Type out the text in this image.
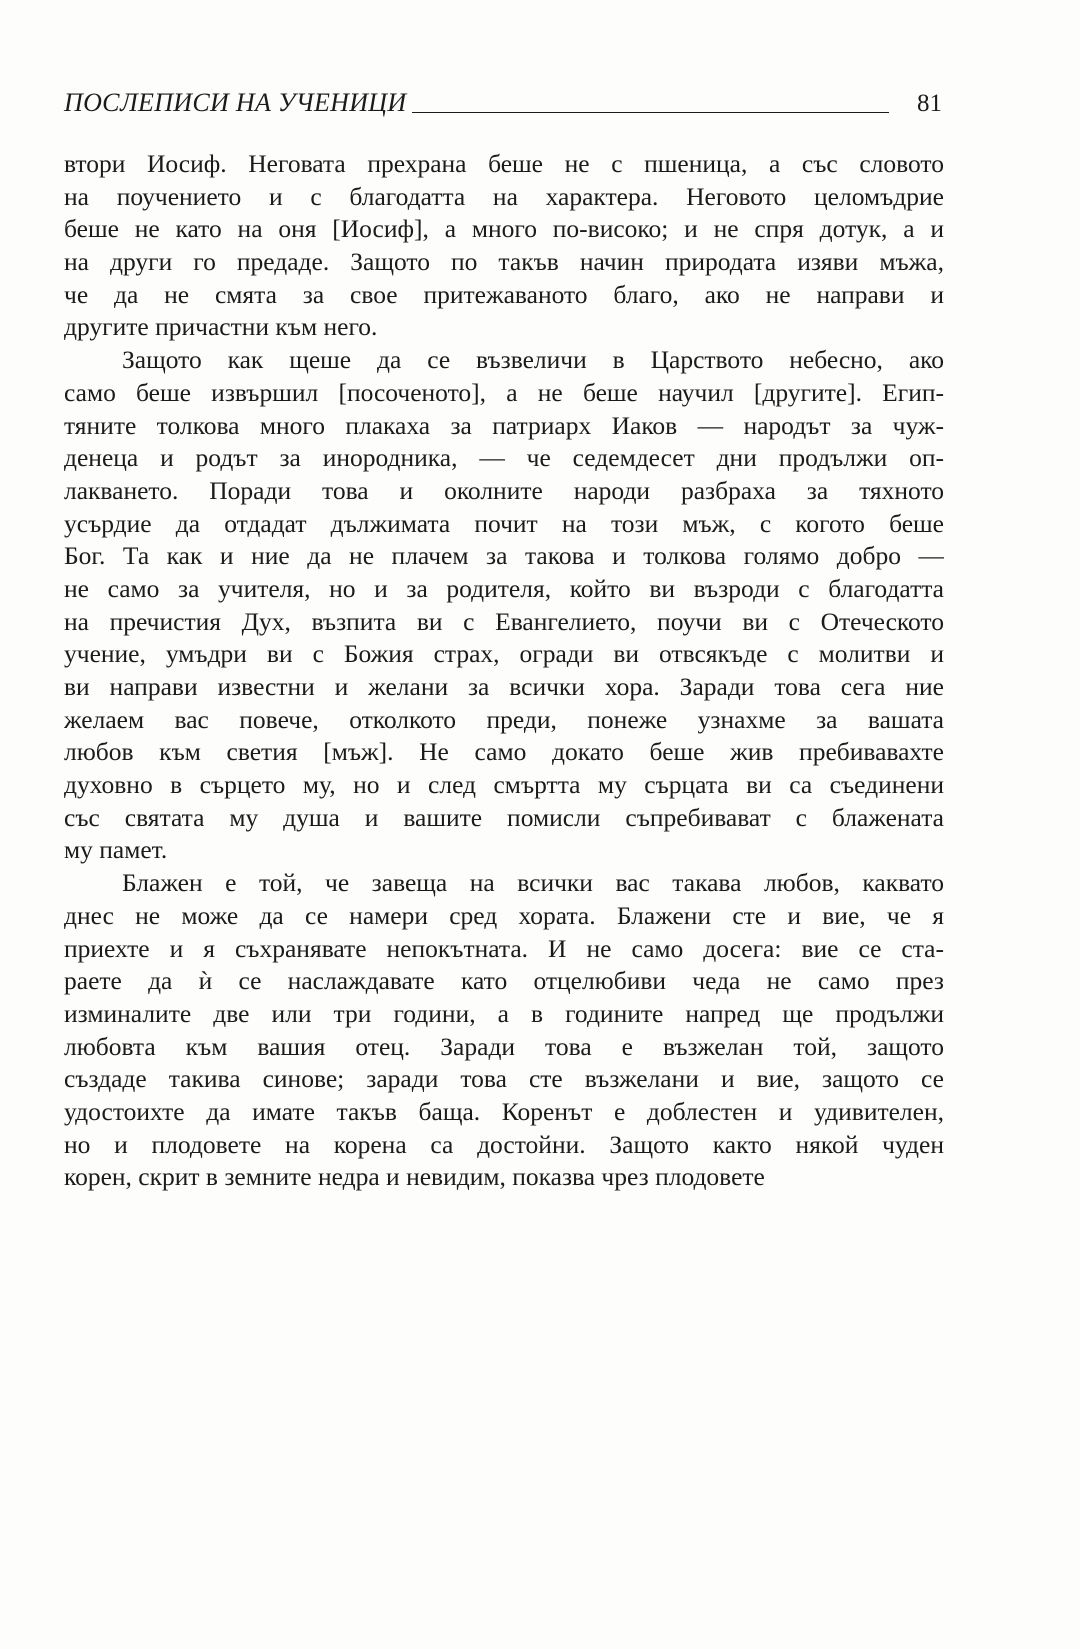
ПОСЛЕПИСИ НА УЧЕНИЦИ	81
втори Иосиф. Неговата прехрана беше не с пшеница, а със словото
на поучението и с благодатта на характера. Неговото целомъдрие
беше не като на оня [Иосиф], а много по-високо; и не спря дотук, а и
на други го предаде. Защото по такъв начин природата изяви мъжа,
че да не смята за свое притежаваното благо, ако не направи и
другите причастни към него.
Защото как щеше да се възвеличи в Царството небесно, ако
само беше извършил [посоченото], а не беше научил [другите]. Егип-
тяните толкова много плакаха за патриарх Иаков — народът за чуж-
денеца и родът за инородника, — че седемдесет дни продължи оп-
лакването. Поради това и околните народи разбраха за тяхното
усърдие да отдадат дължимата почит на този мъж, с когото беше
Бог. Та как и ние да не плачем за такова и толкова голямо добро —
не само за учителя, но и за родителя, който ви възроди с благодатта
на пречистия Дух, възпита ви с Евангелието, поучи ви с Отеческото
учение, умъдри ви с Божия страх, огради ви отвсякъде с молитви и
ви направи известни и желани за всички хора. Заради това сега ние
желаем вас повече, отколкото преди, понеже узнахме за вашата
любов към светия [мъж]. Не само докато беше жив пребивавахте
духовно в сърцето му, но и след смъртта му сърцата ви са съединени
със святата му душа и вашите помисли съпребивават с блажената
му памет.
Блажен е той, че завеща на всички вас такава любов, каквато
днес не може да се намери сред хората. Блажени сте и вие, че я
приехте и я съхранявате непокътната. И не само досега: вие се ста-
раете да ѝ се наслаждавате като отцелюбиви чеда не само през
изминалите две или три години, а в годините напред ще продължи
любовта към вашия отец. Заради това е възжелан той, защото
създаде такива синове; заради това сте възжелани и вие, защото се
удостоихте да имате такъв баща. Коренът е доблестен и удивителен,
но и плодовете на корена са достойни. Защото както някой чуден
корен, скрит в земните недра и невидим, показва чрез плодовете
